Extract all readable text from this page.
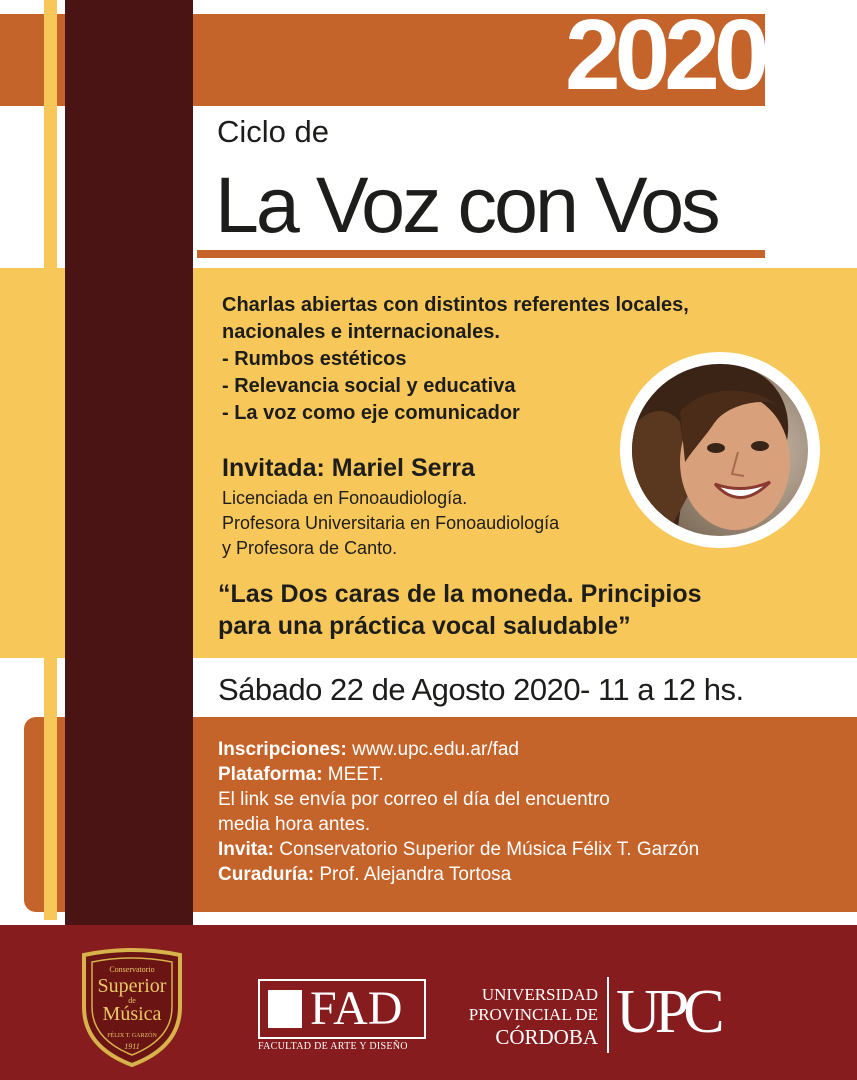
2020
Ciclo de
La Voz con Vos
Charlas abiertas con distintos referentes locales,
nacionales e internacionales.
- Rumbos estéticos
- Relevancia social y educativa
- La voz como eje comunicador
Invitada: Mariel Serra
Licenciada en Fonoaudiología.
Profesora Universitaria en Fonoaudiología
y Profesora de Canto.
“Las Dos caras de la moneda. Principios
para una práctica vocal saludable”
Sábado 22 de Agosto 2020- 11 a 12 hs.
Inscripciones: www.upc.edu.ar/fad
Plataforma: MEET.
El link se envía por correo el día del encuentro
media hora antes.
Invita: Conservatorio Superior de Música Félix T. Garzón
Curaduría: Prof. Alejandra Tortosa
Conservatorio
Superior
de
Música
FÉLIX T. GARZÓN
1911
FAD
FACULTAD DE ARTE Y DISEÑO
UNIVERSIDAD
PROVINCIAL DE
CÓRDOBA UPC
